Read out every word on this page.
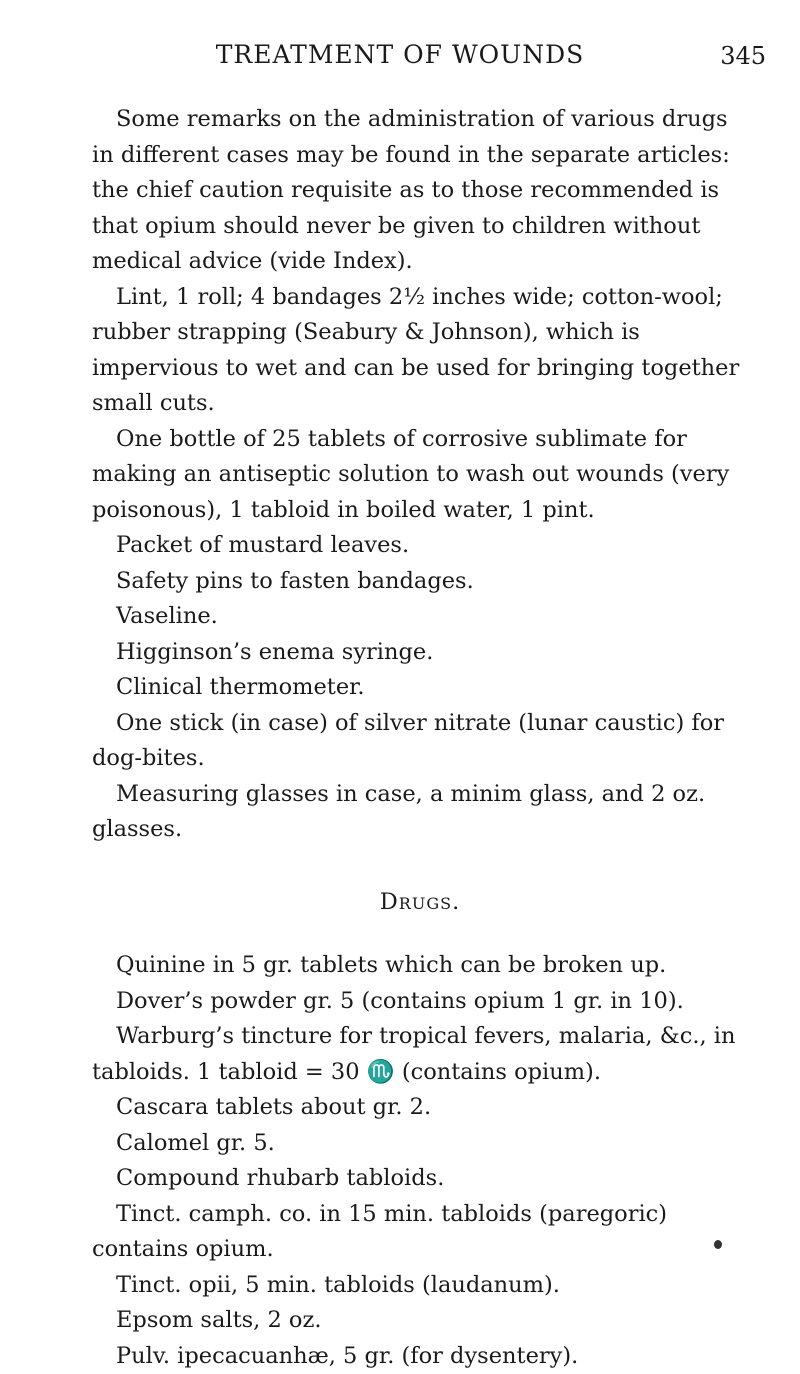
TREATMENT OF WOUNDS	345

Some remarks on the administration of various drugs in different cases may be found in the separate articles: the chief caution requisite as to those recommended is that opium should never be given to children without medical advice (vide Index).

Lint, 1 roll; 4 bandages 2½ inches wide; cotton-wool; rubber strapping (Seabury & Johnson), which is impervious to wet and can be used for bringing together small cuts.

One bottle of 25 tablets of corrosive sublimate for making an antiseptic solution to wash out wounds (very poisonous), 1 tabloid in boiled water, 1 pint.

Packet of mustard leaves.

Safety pins to fasten bandages.

Vaseline.

Higginson’s enema syringe.

Clinical thermometer.

One stick (in case) of silver nitrate (lunar caustic) for dog-bites.

Measuring glasses in case, a minim glass, and 2 oz. glasses.

Drugs.

Quinine in 5 gr. tablets which can be broken up.

Dover’s powder gr. 5 (contains opium 1 gr. in 10).

Warburg’s tincture for tropical fevers, malaria, &c., in tabloids. 1 tabloid = 30 ♏ (contains opium).

Cascara tablets about gr. 2.

Calomel gr. 5.

Compound rhubarb tabloids.

Tinct. camph. co. in 15 min. tabloids (paregoric) contains opium.

Tinct. opii, 5 min. tabloids (laudanum).

Epsom salts, 2 oz.

Pulv. ipecacuanhæ, 5 gr. (for dysentery).
